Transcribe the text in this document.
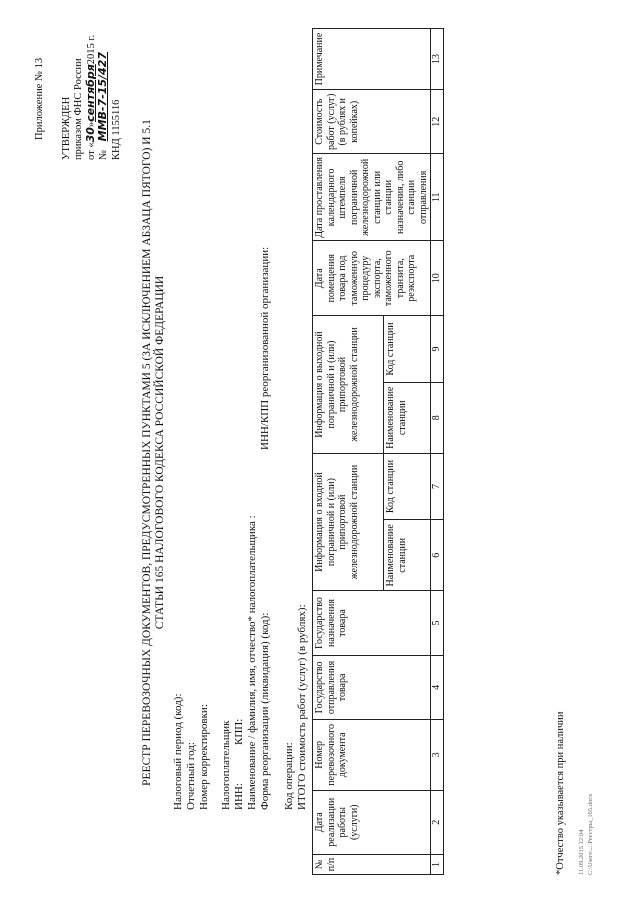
Приложение № 13 УТВЕРЖДЕН приказом ФНС России от «30»сентября2015 г.
№ ММВ-7-15/427 КНД 1155116 РЕЕСТР ПЕРЕВОЗОЧНЫХ ДОКУМЕНТОВ, ПРЕДУСМОТРЕННЫХ ПУНКТАМИ 5 (ЗА ИСКЛЮЧЕНИЕМ АБЗАЦА ПЯТОГО) И 5.1 СТАТЬИ 165 НАЛОГОВОГО КОДЕКСА РОССИЙСКОЙ ФЕДЕРАЦИИ
Налоговый период (код): Отчетный год: Номер корректировки: Налогоплательщик ИНН:
КПП: Наименование / фамилия, имя, отчество* налогоплательщика : Форма реорганизации (ликвидация) (код):
ИНН/КПП реорганизованной организации:
Код операции: ИТОГО стоимость работ (услуг) (в рублях):
№ п/п	Дата реализации работы (услуги)	Номер перевозочного документа	Государство отправления товара	Государство назначения товара	Информация о входной пограничной и (или) припортовой железнодорожной станции		Информация о выходной пограничной и (или) припортовой железнодорожной станции		Дата помещения товара под таможенную процедуру экспорта, таможенного транзита, реэкспорта	Дата проставления календарного штемпеля пограничной железнодорожной станции или станции назначения, либо станции отправления	Стоимость работ (услуг) (в рублях и копейках)	Примечание
					Наименование станции	Код станции	Наименование станции	Код станции				
1	2	3	4	5	6	7	8	9	10	11	12	13
*Отчество указывается при наличии 11.09.2015 12:04 С:\Users\...\Реестры_165.docx
